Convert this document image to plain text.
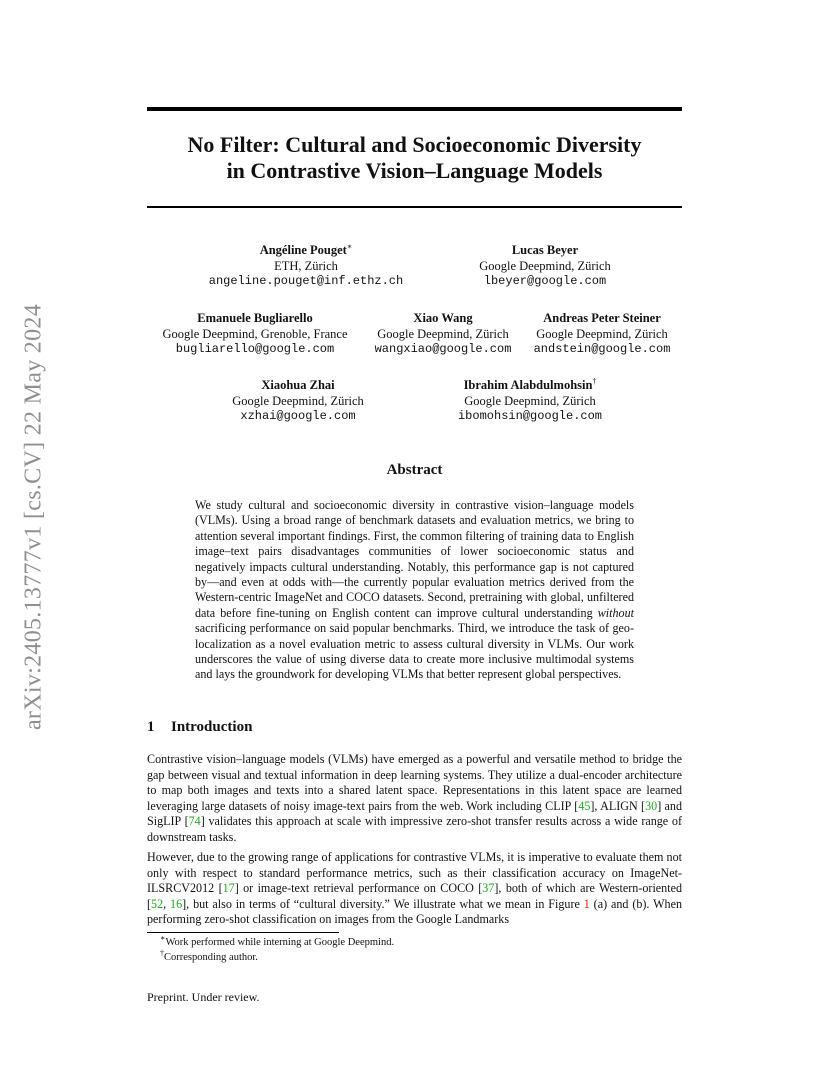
arXiv:2405.13777v1 [cs.CV] 22 May 2024
No Filter: Cultural and Socioeconomic Diversity
in Contrastive Vision–Language Models
Angéline Pouget∗
ETH, Zürich
angeline.pouget@inf.ethz.ch
Lucas Beyer
Google Deepmind, Zürich
lbeyer@google.com
Emanuele Bugliarello
Google Deepmind, Grenoble, France
bugliarello@google.com
Xiao Wang
Google Deepmind, Zürich
wangxiao@google.com
Andreas Peter Steiner
Google Deepmind, Zürich
andstein@google.com
Xiaohua Zhai
Google Deepmind, Zürich
xzhai@google.com
Ibrahim Alabdulmohsin†
Google Deepmind, Zürich
ibomohsin@google.com
Abstract
We study cultural and socioeconomic diversity in contrastive vision–language models (VLMs). Using a broad range of benchmark datasets and evaluation metrics, we bring to attention several important findings. First, the common filtering of training data to English image–text pairs disadvantages communities of lower socioeconomic status and negatively impacts cultural understanding. Notably, this performance gap is not captured by—and even at odds with—the currently popular evaluation metrics derived from the Western-centric ImageNet and COCO datasets. Second, pretraining with global, unfiltered data before fine-tuning on English content can improve cultural understanding without sacrificing performance on said popular benchmarks. Third, we introduce the task of geo-localization as a novel evaluation metric to assess cultural diversity in VLMs. Our work underscores the value of using diverse data to create more inclusive multimodal systems and lays the groundwork for developing VLMs that better represent global perspectives.
1 Introduction
Contrastive vision–language models (VLMs) have emerged as a powerful and versatile method to bridge the gap between visual and textual information in deep learning systems. They utilize a dual-encoder architecture to map both images and texts into a shared latent space. Representations in this latent space are learned leveraging large datasets of noisy image-text pairs from the web. Work including CLIP [45], ALIGN [30] and SigLIP [74] validates this approach at scale with impressive zero-shot transfer results across a wide range of downstream tasks.
However, due to the growing range of applications for contrastive VLMs, it is imperative to evaluate them not only with respect to standard performance metrics, such as their classification accuracy on ImageNet-ILSRCV2012 [17] or image-text retrieval performance on COCO [37], both of which are Western-oriented [52, 16], but also in terms of “cultural diversity.” We illustrate what we mean in Figure 1 (a) and (b). When performing zero-shot classification on images from the Google Landmarks
∗Work performed while interning at Google Deepmind.
†Corresponding author.
Preprint. Under review.
